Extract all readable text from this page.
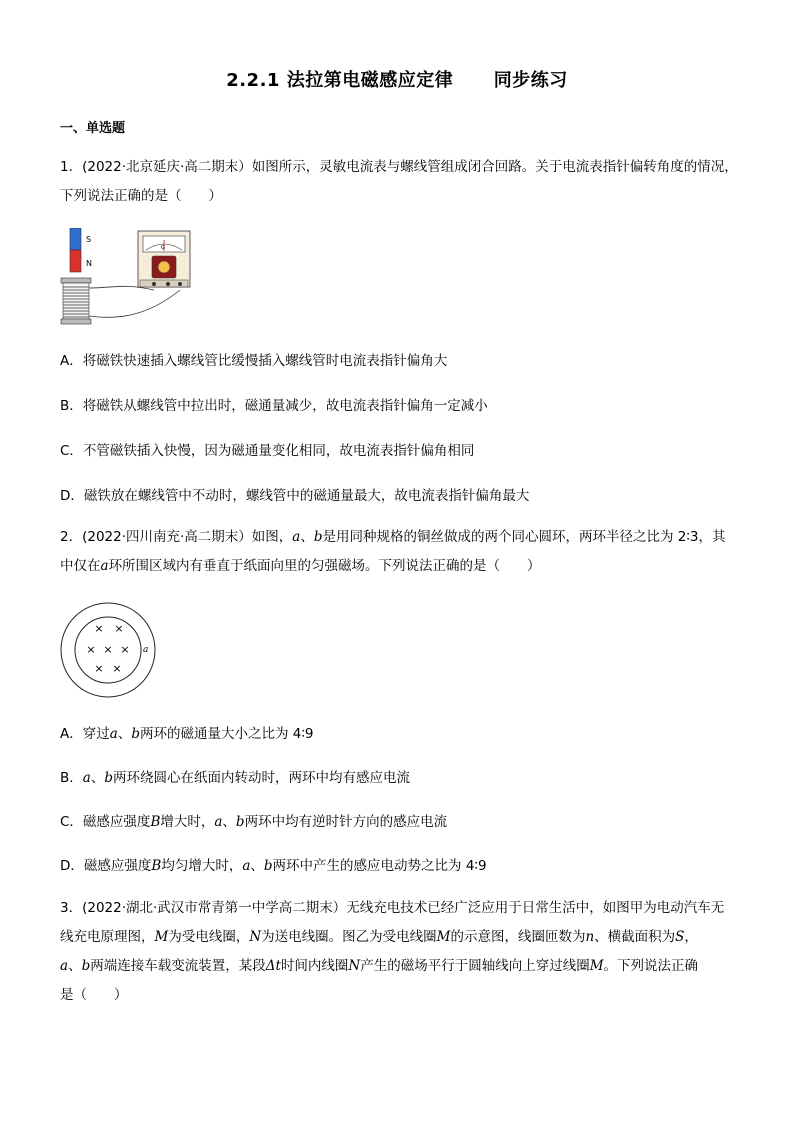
2.2.1 法拉第电磁感应定律      同步练习
一、单选题
1．(2022·北京延庆·高二期末）如图所示，灵敏电流表与螺线管组成闭合回路。关于电流表指针偏转角度的情况，
下列说法正确的是（　　）
S
N
G
A．将磁铁快速插入螺线管比缓慢插入螺线管时电流表指针偏角大
B．将磁铁从螺线管中拉出时，磁通量减少，故电流表指针偏角一定减小
C．不管磁铁插入快慢，因为磁通量变化相同，故电流表指针偏角相同
D．磁铁放在螺线管中不动时，螺线管中的磁通量最大，故电流表指针偏角最大
2．(2022·四川南充·高二期末）如图，a、b是用同种规格的铜丝做成的两个同心圆环，两环半径之比为 2∶3，其
中仅在a环所围区域内有垂直于纸面向里的匀强磁场。下列说法正确的是（　　）
a
× ×
× × ×
× ×
A．穿过a、b两环的磁通量大小之比为 4∶9
B．a、b两环绕圆心在纸面内转动时，两环中均有感应电流
C．磁感应强度B增大时，a、b两环中均有逆时针方向的感应电流
D．磁感应强度B均匀增大时，a、b两环中产生的感应电动势之比为 4∶9
3．(2022·湖北·武汉市常青第一中学高二期末）无线充电技术已经广泛应用于日常生活中，如图甲为电动汽车无
线充电原理图，M为受电线圈，N为送电线圈。图乙为受电线圈M的示意图，线圈匝数为n、横截面积为S，
a、b两端连接车载变流装置，某段Δt时间内线圈N产生的磁场平行于圆轴线向上穿过线圈M。下列说法正确
是（　　）
